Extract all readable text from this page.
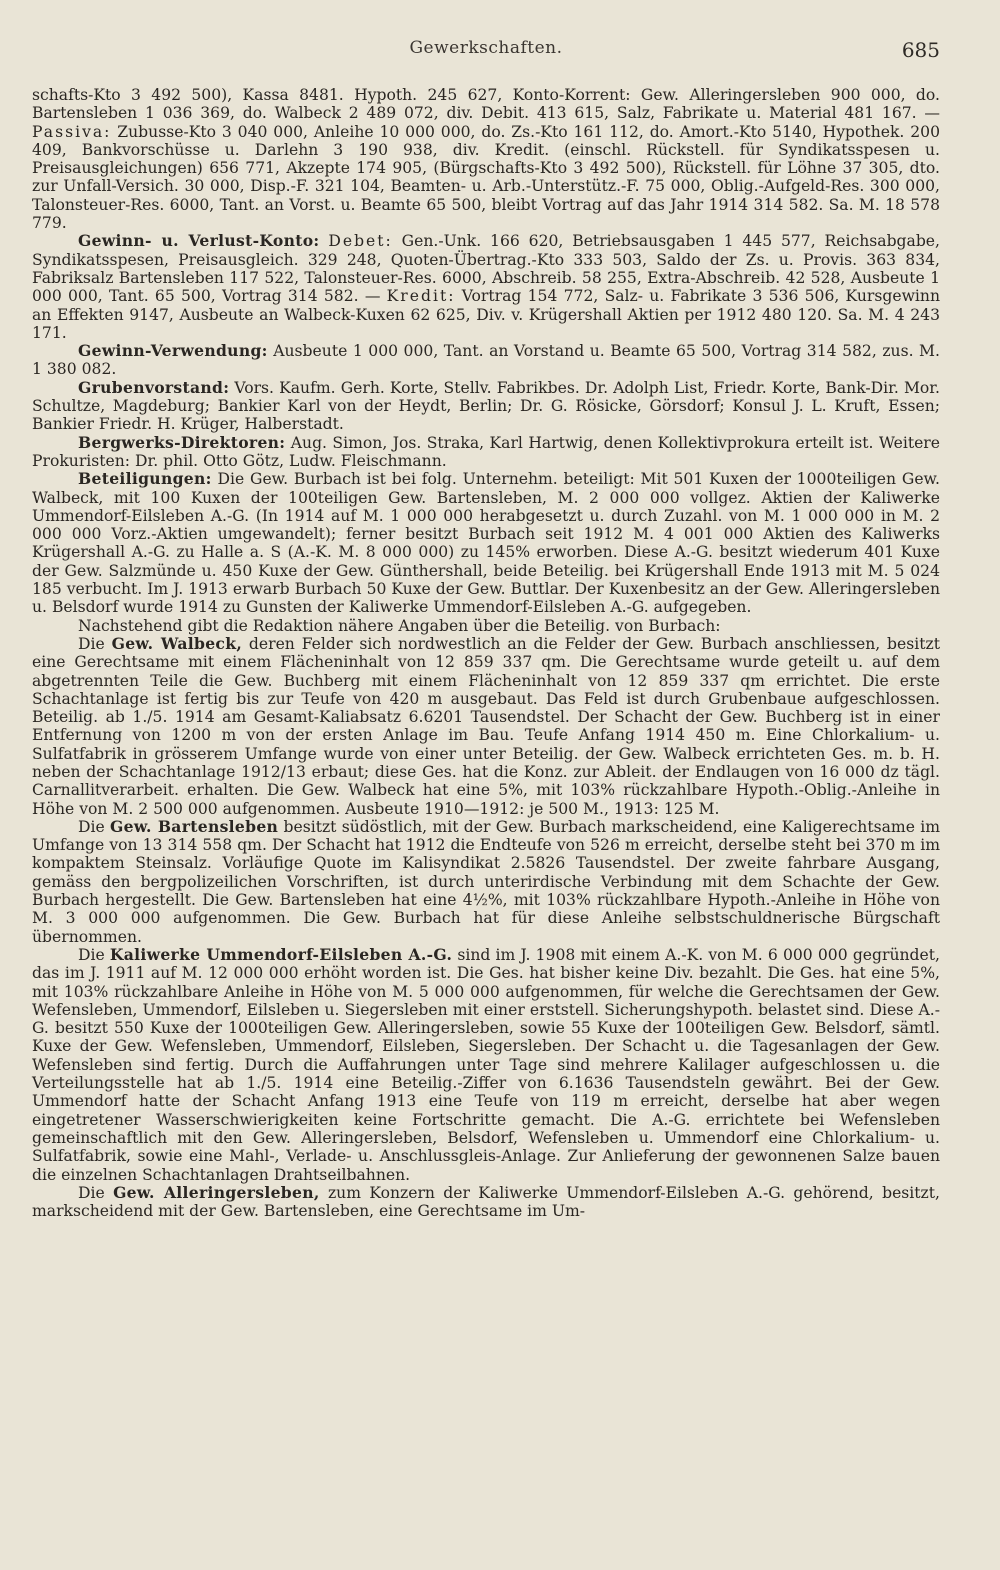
Gewerkschaften.	685

schafts-Kto 3 492 500), Kassa 8481. Hypoth. 245 627, Konto-Korrent: Gew. Alleringersleben 900 000, do. Bartensleben 1 036 369, do. Walbeck 2 489 072, div. Debit. 413 615, Salz, Fabrikate u. Material 481 167. — Passiva: Zubusse-Kto 3 040 000, Anleihe 10 000 000, do. Zs.-Kto 161 112, do. Amort.-Kto 5140, Hypothek. 200 409, Bankvorschüsse u. Darlehn 3 190 938, div. Kredit. (einschl. Rückstell. für Syndikatsspesen u. Preisausgleichungen) 656 771, Akzepte 174 905, (Bürgschafts-Kto 3 492 500), Rückstell. für Löhne 37 305, dto. zur Unfall-Versich. 30 000, Disp.-F. 321 104, Beamten- u. Arb.-Unterstütz.-F. 75 000, Oblig.-Aufgeld-Res. 300 000, Talonsteuer-Res. 6000, Tant. an Vorst. u. Beamte 65 500, bleibt Vortrag auf das Jahr 1914 314 582. Sa. M. 18 578 779.

Gewinn- u. Verlust-Konto: Debet: Gen.-Unk. 166 620, Betriebsausgaben 1 445 577, Reichsabgabe, Syndikatsspesen, Preisausgleich. 329 248, Quoten-Übertrag.-Kto 333 503, Saldo der Zs. u. Provis. 363 834, Fabriksalz Bartensleben 117 522, Talonsteuer-Res. 6000, Abschreib. 58 255, Extra-Abschreib. 42 528, Ausbeute 1 000 000, Tant. 65 500, Vortrag 314 582. — Kredit: Vortrag 154 772, Salz- u. Fabrikate 3 536 506, Kursgewinn an Effekten 9147, Ausbeute an Walbeck-Kuxen 62 625, Div. v. Krügershall Aktien per 1912 480 120. Sa. M. 4 243 171.

Gewinn-Verwendung: Ausbeute 1 000 000, Tant. an Vorstand u. Beamte 65 500, Vortrag 314 582, zus. M. 1 380 082.

Grubenvorstand: Vors. Kaufm. Gerh. Korte, Stellv. Fabrikbes. Dr. Adolph List, Friedr. Korte, Bank-Dir. Mor. Schultze, Magdeburg; Bankier Karl von der Heydt, Berlin; Dr. G. Rösicke, Görsdorf; Konsul J. L. Kruft, Essen; Bankier Friedr. H. Krüger, Halberstadt.

Bergwerks-Direktoren: Aug. Simon, Jos. Straka, Karl Hartwig, denen Kollektivprokura erteilt ist. Weitere Prokuristen: Dr. phil. Otto Götz, Ludw. Fleischmann.

Beteiligungen: Die Gew. Burbach ist bei folg. Unternehm. beteiligt: Mit 501 Kuxen der 1000teiligen Gew. Walbeck, mit 100 Kuxen der 100teiligen Gew. Bartensleben, M. 2 000 000 vollgez. Aktien der Kaliwerke Ummendorf-Eilsleben A.-G. (In 1914 auf M. 1 000 000 herabgesetzt u. durch Zuzahl. von M. 1 000 000 in M. 2 000 000 Vorz.-Aktien umgewandelt); ferner besitzt Burbach seit 1912 M. 4 001 000 Aktien des Kaliwerks Krügershall A.-G. zu Halle a. S (A.-K. M. 8 000 000) zu 145% erworben. Diese A.-G. besitzt wiederum 401 Kuxe der Gew. Salzmünde u. 450 Kuxe der Gew. Günthershall, beide Beteilig. bei Krügershall Ende 1913 mit M. 5 024 185 verbucht. Im J. 1913 erwarb Burbach 50 Kuxe der Gew. Buttlar. Der Kuxenbesitz an der Gew. Alleringersleben u. Belsdorf wurde 1914 zu Gunsten der Kaliwerke Ummendorf-Eilsleben A.-G. aufgegeben.

Nachstehend gibt die Redaktion nähere Angaben über die Beteilig. von Burbach:

Die Gew. Walbeck, deren Felder sich nordwestlich an die Felder der Gew. Burbach anschliessen, besitzt eine Gerechtsame mit einem Flächeninhalt von 12 859 337 qm. Die Gerechtsame wurde geteilt u. auf dem abgetrennten Teile die Gew. Buchberg mit einem Flächeninhalt von 12 859 337 qm errichtet. Die erste Schachtanlage ist fertig bis zur Teufe von 420 m ausgebaut. Das Feld ist durch Grubenbaue aufgeschlossen. Beteilig. ab 1./5. 1914 am Gesamt-Kaliabsatz 6.6201 Tausendstel. Der Schacht der Gew. Buchberg ist in einer Entfernung von 1200 m von der ersten Anlage im Bau. Teufe Anfang 1914 450 m. Eine Chlorkalium- u. Sulfatfabrik in grösserem Umfange wurde von einer unter Beteilig. der Gew. Walbeck errichteten Ges. m. b. H. neben der Schachtanlage 1912/13 erbaut; diese Ges. hat die Konz. zur Ableit. der Endlaugen von 16 000 dz tägl. Carnallitverarbeit. erhalten. Die Gew. Walbeck hat eine 5%, mit 103% rückzahlbare Hypoth.-Oblig.-Anleihe in Höhe von M. 2 500 000 aufgenommen. Ausbeute 1910—1912: je 500 M., 1913: 125 M.

Die Gew. Bartensleben besitzt südöstlich, mit der Gew. Burbach markscheidend, eine Kaligerechtsame im Umfange von 13 314 558 qm. Der Schacht hat 1912 die Endteufe von 526 m erreicht, derselbe steht bei 370 m im kompaktem Steinsalz. Vorläufige Quote im Kalisyndikat 2.5826 Tausendstel. Der zweite fahrbare Ausgang, gemäss den bergpolizeilichen Vorschriften, ist durch unterirdische Verbindung mit dem Schachte der Gew. Burbach hergestellt. Die Gew. Bartensleben hat eine 4½%, mit 103% rückzahlbare Hypoth.-Anleihe in Höhe von M. 3 000 000 aufgenommen. Die Gew. Burbach hat für diese Anleihe selbstschuldnerische Bürgschaft übernommen.

Die Kaliwerke Ummendorf-Eilsleben A.-G. sind im J. 1908 mit einem A.-K. von M. 6 000 000 gegründet, das im J. 1911 auf M. 12 000 000 erhöht worden ist. Die Ges. hat bisher keine Div. bezahlt. Die Ges. hat eine 5%, mit 103% rückzahlbare Anleihe in Höhe von M. 5 000 000 aufgenommen, für welche die Gerechtsamen der Gew. Wefensleben, Ummendorf, Eilsleben u. Siegersleben mit einer erststell. Sicherungshypoth. belastet sind. Diese A.-G. besitzt 550 Kuxe der 1000teiligen Gew. Alleringersleben, sowie 55 Kuxe der 100teiligen Gew. Belsdorf, sämtl. Kuxe der Gew. Wefensleben, Ummendorf, Eilsleben, Siegersleben. Der Schacht u. die Tagesanlagen der Gew. Wefensleben sind fertig. Durch die Auffahrungen unter Tage sind mehrere Kalilager aufgeschlossen u. die Verteilungsstelle hat ab 1./5. 1914 eine Beteilig.-Ziffer von 6.1636 Tausendsteln gewährt. Bei der Gew. Ummendorf hatte der Schacht Anfang 1913 eine Teufe von 119 m erreicht, derselbe hat aber wegen eingetretener Wasserschwierigkeiten keine Fortschritte gemacht. Die A.-G. errichtete bei Wefensleben gemeinschaftlich mit den Gew. Alleringersleben, Belsdorf, Wefensleben u. Ummendorf eine Chlorkalium- u. Sulfatfabrik, sowie eine Mahl-, Verlade- u. Anschlussgleis-Anlage. Zur Anlieferung der gewonnenen Salze bauen die einzelnen Schachtanlagen Drahtseilbahnen.

Die Gew. Alleringersleben, zum Konzern der Kaliwerke Ummendorf-Eilsleben A.-G. gehörend, besitzt, markscheidend mit der Gew. Bartensleben, eine Gerechtsame im Um-
